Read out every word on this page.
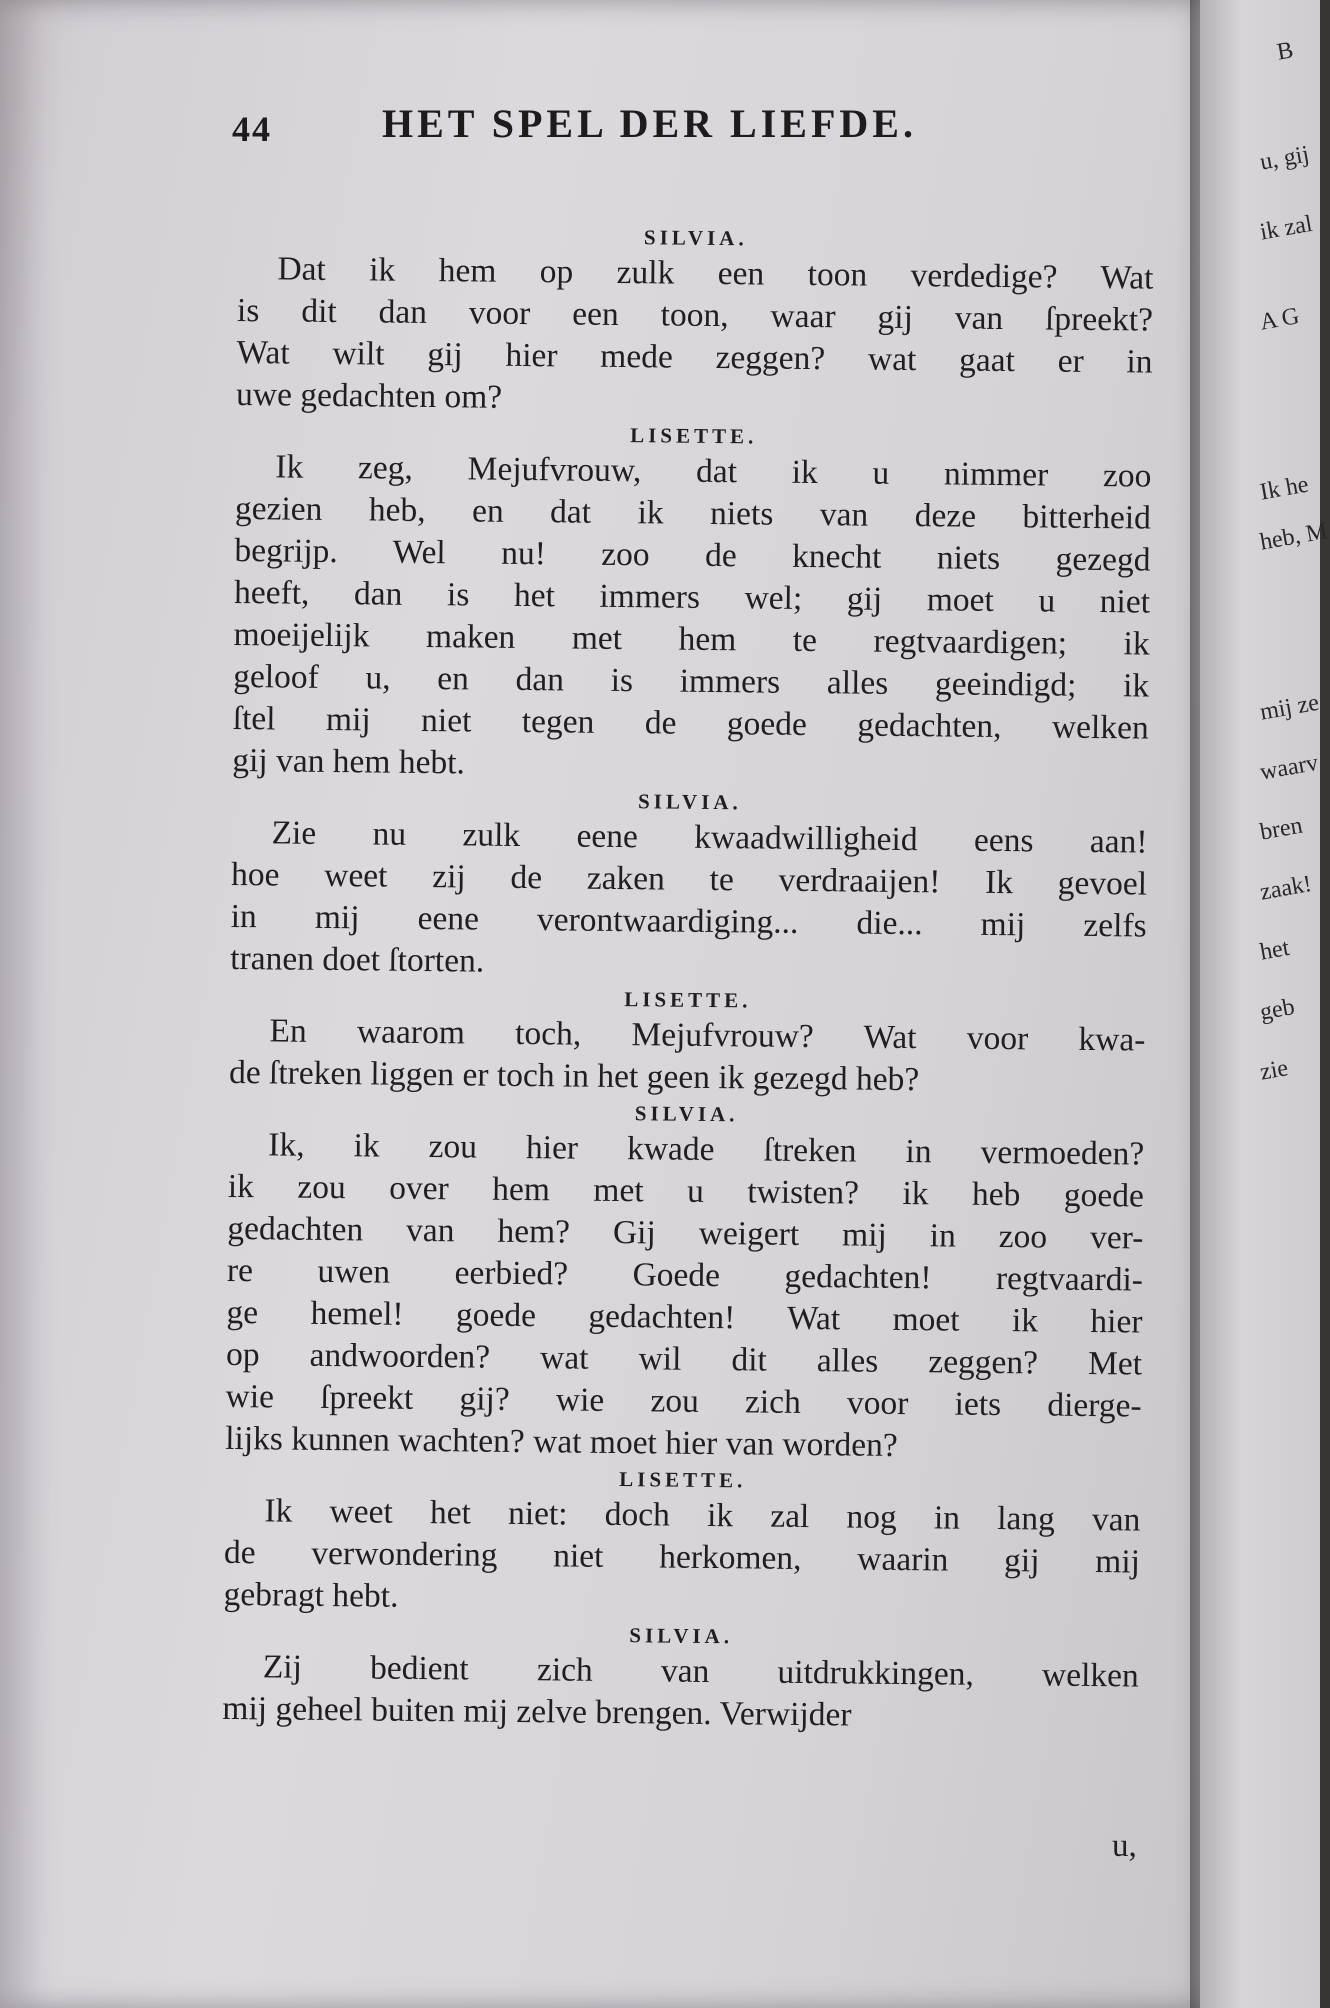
44	HET SPEL DER LIEFDE.
SILVIA.

Dat ik hem op zulk een toon verdedige? Wat

is dit dan voor een toon, waar gij van ſpreekt?

Wat wilt gij hier mede zeggen? wat gaat er in

uwe gedachten om?

LISETTE.

Ik zeg, Mejufvrouw, dat ik u nimmer zoo

gezien heb, en dat ik niets van deze bitterheid

begrijp. Wel nu! zoo de knecht niets gezegd

heeft, dan is het immers wel; gij moet u niet

moeijelijk maken met hem te regtvaardigen; ik

geloof u, en dan is immers alles geeindigd; ik

ſtel mij niet tegen de goede gedachten, welken

gij van hem hebt.

SILVIA.

Zie nu zulk eene kwaadwilligheid eens aan!

hoe weet zij de zaken te verdraaijen! Ik gevoel

in mij eene verontwaardiging... die... mij zelfs

tranen doet ſtorten.

LISETTE.

En waarom toch, Mejufvrouw? Wat voor kwa-

de ſtreken liggen er toch in het geen ik gezegd heb?

SILVIA.

Ik, ik zou hier kwade ſtreken in vermoeden?

ik zou over hem met u twisten? ik heb goede

gedachten van hem? Gij weigert mij in zoo ver-

re uwen eerbied? Goede gedachten! regtvaardi-

ge hemel! goede gedachten! Wat moet ik hier

op andwoorden? wat wil dit alles zeggen? Met

wie ſpreekt gij? wie zou zich voor iets dierge-

lijks kunnen wachten? wat moet hier van worden?

LISETTE.

Ik weet het niet: doch ik zal nog in lang van

de verwondering niet herkomen, waarin gij mij

gebragt hebt.

SILVIA.

Zij bedient zich van uitdrukkingen, welken

mij geheel buiten mij zelve brengen. Verwijder

u,
B
u, gij
ik zal
A G
Ik he
heb, M
mij ze
waarv
bren
zaak!
het
geb
zie
